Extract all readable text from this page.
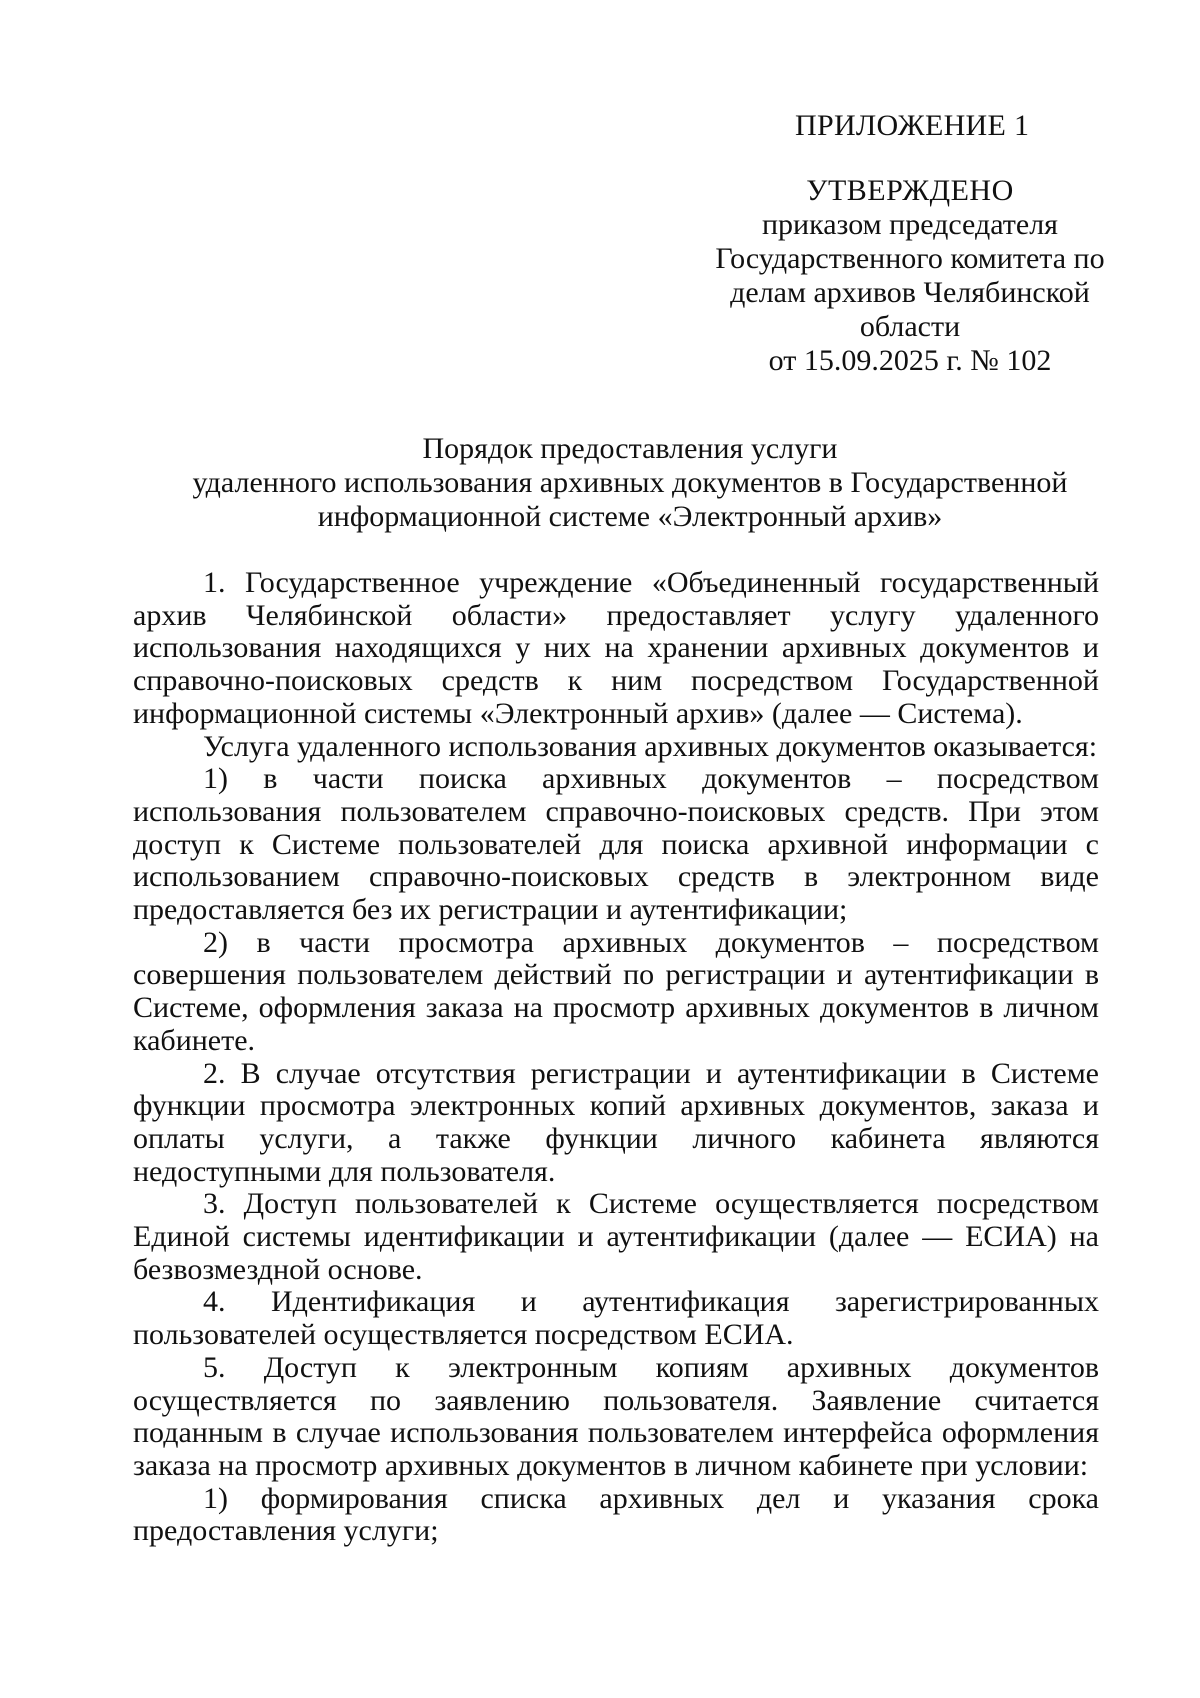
ПРИЛОЖЕНИЕ 1
УТВЕРЖДЕНО
приказом председателя
Государственного комитета по
делам архивов Челябинской
области
от 15.09.2025 г. № 102
Порядок предоставления услуги
удаленного использования архивных документов в Государственной
информационной системе «Электронный архив»

1. Государственное учреждение «Объединенный государственный архив Челябинской области» предоставляет услугу удаленного использования находящихся у них на хранении архивных документов и справочно-поисковых средств к ним посредством Государственной информационной системы «Электронный архив» (далее — Система).

Услуга удаленного использования архивных документов оказывается:

1) в части поиска архивных документов – посредством использования пользователем справочно-поисковых средств. При этом доступ к Системе пользователей для поиска архивной информации с использованием справочно-поисковых средств в электронном виде предоставляется без их регистрации и аутентификации;

2) в части просмотра архивных документов – посредством совершения пользователем действий по регистрации и аутентификации в Системе, оформления заказа на просмотр архивных документов в личном кабинете.

2. В случае отсутствия регистрации и аутентификации в Системе функции просмотра электронных копий архивных документов, заказа и оплаты услуги, а также функции личного кабинета являются недоступными для пользователя.

3. Доступ пользователей к Системе осуществляется посредством Единой системы идентификации и аутентификации (далее — ЕСИА) на безвозмездной основе.

4. Идентификация и аутентификация зарегистрированных пользователей осуществляется посредством ЕСИА.

5. Доступ к электронным копиям архивных документов осуществляется по заявлению пользователя. Заявление считается поданным в случае использования пользователем интерфейса оформления заказа на просмотр архивных документов в личном кабинете при условии:

1) формирования списка архивных дел и указания срока предоставления услуги;
